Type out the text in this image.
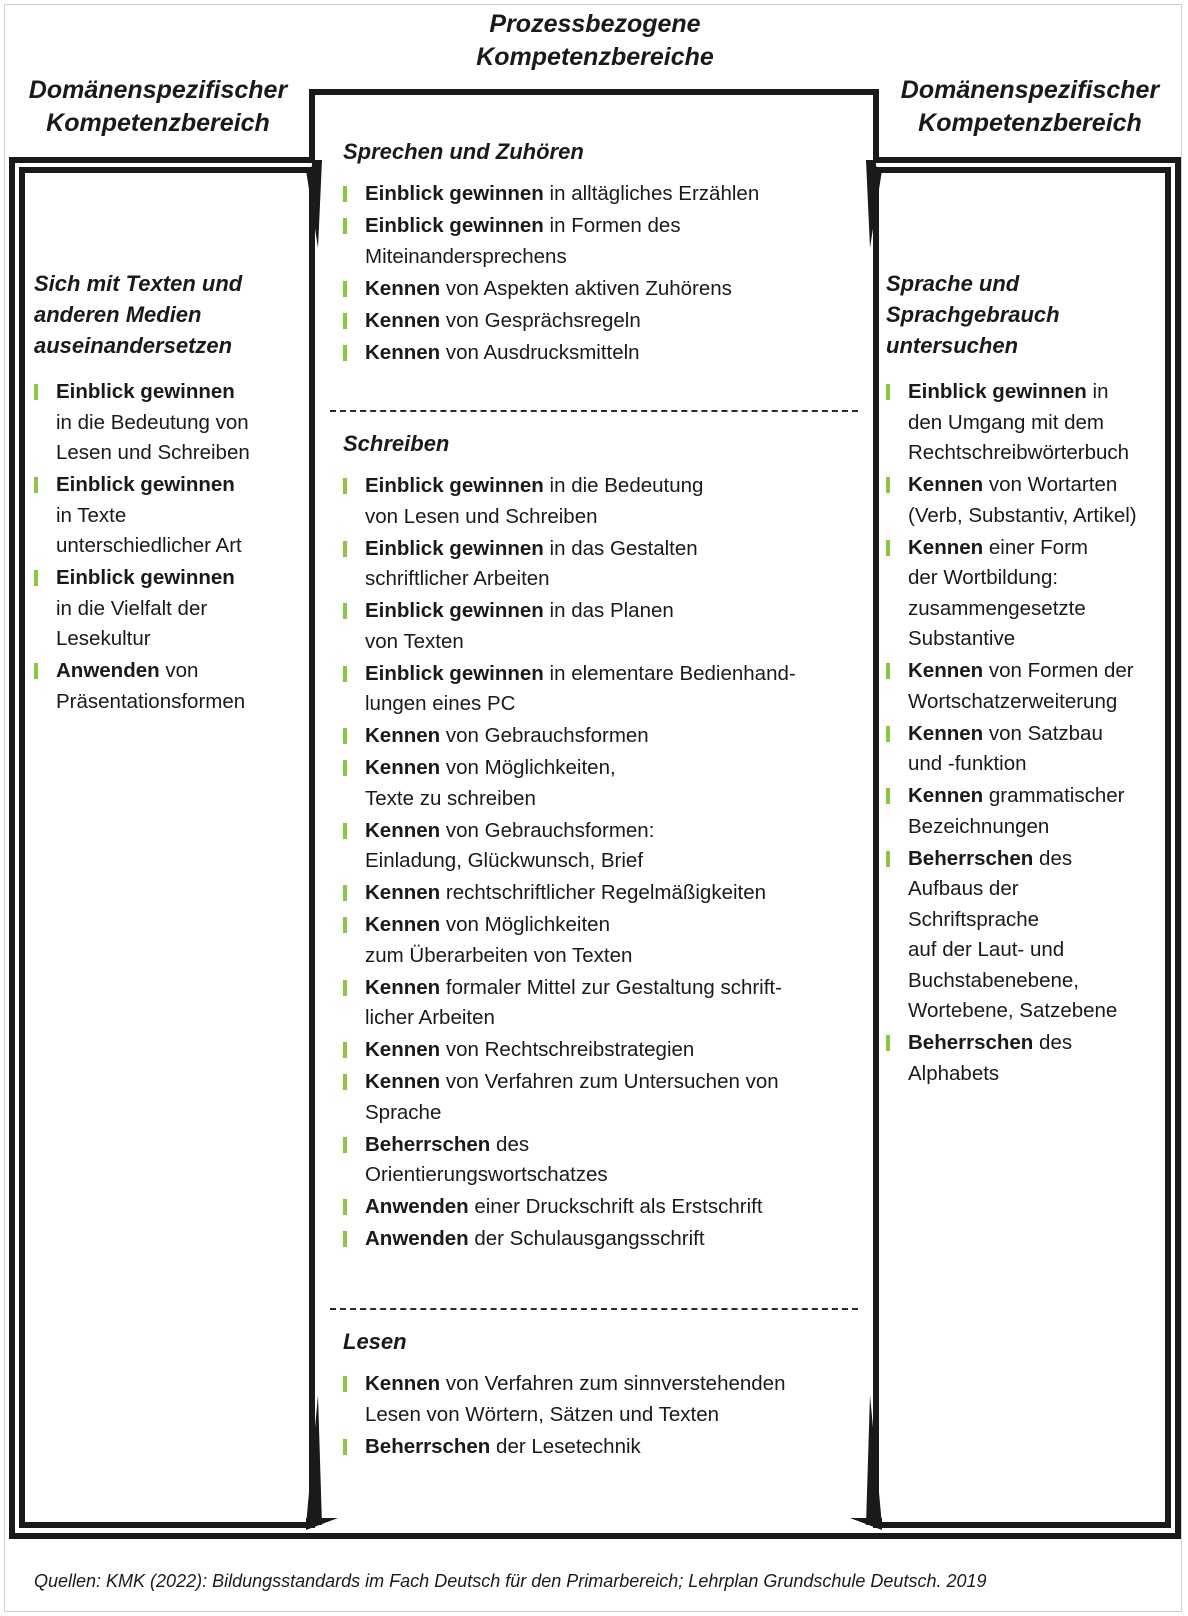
Prozessbezogene
Kompetenzbereiche
Domänenspezifischer
Kompetenzbereich
Domänenspezifischer
Kompetenzbereich

Sich mit Texten und
anderen Medien
auseinandersetzen

Einblick gewinnen
in die Bedeutung von
Lesen und Schreiben
Einblick gewinnen
in Texte
unterschiedlicher Art
Einblick gewinnen
in die Vielfalt der
Lesekultur
Anwenden von
Präsentationsformen

Sprache und
Sprachgebrauch
untersuchen

Einblick gewinnen in
den Umgang mit dem
Rechtschreibwörterbuch
Kennen von Wortarten
(Verb, Substantiv, Artikel)
Kennen einer Form
der Wortbildung:
zusammengesetzte
Substantive
Kennen von Formen der
Wortschatzerweiterung
Kennen von Satzbau
und -funktion
Kennen grammatischer
Bezeichnungen
Beherrschen des
Aufbaus der
Schriftsprache
auf der Laut- und
Buchstabenebene,
Wortebene, Satzebene
Beherrschen des
Alphabets

Sprechen und Zuhören

Einblick gewinnen in alltägliches Erzählen
Einblick gewinnen in Formen des
Miteinandersprechens
Kennen von Aspekten aktiven Zuhörens
Kennen von Gesprächsregeln
Kennen von Ausdrucksmitteln

Schreiben

Einblick gewinnen in die Bedeutung
von Lesen und Schreiben
Einblick gewinnen in das Gestalten
schriftlicher Arbeiten
Einblick gewinnen in das Planen
von Texten
Einblick gewinnen in elementare Bedienhand-
lungen eines PC
Kennen von Gebrauchsformen
Kennen von Möglichkeiten,
Texte zu schreiben
Kennen von Gebrauchsformen:
Einladung, Glückwunsch, Brief
Kennen rechtschriftlicher Regelmäßigkeiten
Kennen von Möglichkeiten
zum Überarbeiten von Texten
Kennen formaler Mittel zur Gestaltung schrift-
licher Arbeiten
Kennen von Rechtschreibstrategien
Kennen von Verfahren zum Untersuchen von
Sprache
Beherrschen des
Orientierungswortschatzes
Anwenden einer Druckschrift als Erstschrift
Anwenden der Schulausgangsschrift

Lesen

Kennen von Verfahren zum sinnverstehenden
Lesen von Wörtern, Sätzen und Texten
Beherrschen der Lesetechnik
Quellen: KMK (2022): Bildungsstandards im Fach Deutsch für den Primarbereich; Lehrplan Grundschule Deutsch. 2019
